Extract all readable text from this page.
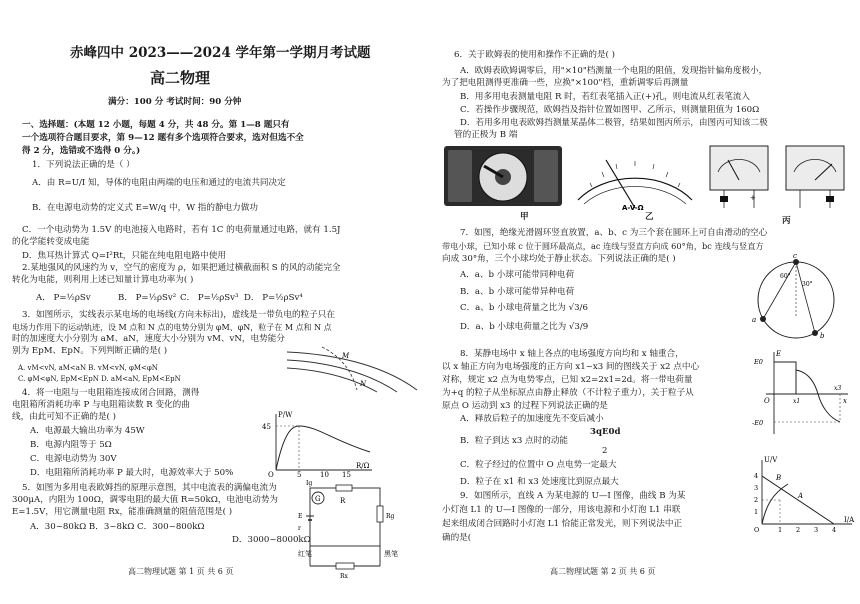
赤峰四中 2023——2024 学年第一学期月考试题
高二物理
满分：100 分 考试时间：90 分钟
一、选择题：(本题 12 小题，每题 4 分，共 48 分。第 1—8 题只有
一个选项符合题目要求，第 9—12 题有多个选项符合要求，选对但选不全
得 2 分，选错或不选得 0 分。)
1．下列说法正确的是（ ）
A．由 R=U/I 知，导体的电阻由两端的电压和通过的电流共同决定
B．在电源电动势的定义式 E=W/q 中，W 指的静电力做功
C．一个电动势为 1.5V 的电池接入电路时，若有 1C 的电荷量通过电路，就有 1.5J
的化学能转变成电能
D．焦耳热计算式 Q=I²Rt，只能在纯电阻电路中使用
2.某地强风的风速约为 v，空气的密度为 ρ，如果把通过横截面积 S 的风的动能完全
转化为电能，则利用上述已知量计算电功率为( )
A． P=½ρSv	B． P=½ρSv² C． P=½ρSv³ D． P=½ρSv⁴
3．如图所示，实线表示某电场的电场线(方向未标出)，虚线是一带负电的粒子只在
电场力作用下的运动轨迹，设 M 点和 N 点的电势分别为 φM、φN，粒子在 M 点和 N 点
时的加速度大小分别为 aM、aN，速度大小分别为 vM、vN，电势能分
别为 EpM、EpN。下列判断正确的是( )
A. vM<vN, aM<aN B. vM<vN, φM<φN
C. φM<φN, EpM<EpN D. aM<aN, EpM<EpN
M
N
4．将一电阻与一电阻箱连接成闭合回路，测得
电阻箱所消耗功率 P 与电阻箱读数 R 变化的曲
线，由此可知不正确的是( )
A．电源最大输出功率为 45W
B．电源内阻等于 5Ω
C．电源电动势为 30V
D．电阻箱所消耗功率 P 最大时，电源效率大于 50%
P/W
45
O	5	10 15
R/Ω
5．如图为多用电表欧姆挡的原理示意图，其中电流表的满偏电流为
300μA，内阻为 100Ω，调零电阻的最大值 R=50kΩ，电池电动势为
E=1.5V，用它测量电阻 Rx，能准确测量的阻值范围是( )
A．30~80kΩ B．3~8kΩ C．300~800kΩ
D．3000~8000kΩ
G
Ig
R
Rg
E
r
Rx
红笔	黑笔
高二物理试题 第 1 页 共 6 页
6．关于欧姆表的使用和操作不正确的是( )
A．欧姆表欧姆调零后，用"×10"档测量一个电阻的阻值，发现指针偏角度极小，
为了把电阻测得更准确一些，应换"×100"档，重新调零后再测量
B．用多用电表测量电阻 R 时，若红表笔插入正(+)孔，则电流从红表笔流入
C．若操作步骤规范，欧姆挡及指针位置如图甲、乙所示，则测量阻值为 160Ω
D．若用多用电表欧姆挡测量某晶体二极管，结果如图丙所示，由图丙可知该二极
管的正极为 B 端
甲
A-V-Ω
乙
+
丙
7．如图，绝缘光滑圆环竖直放置，a、b、c 为三个套在圆环上可自由滑动的空心
带电小球，已知小球 c 位于圆环最高点，ac 连线与竖直方向成 60°角，bc 连线与竖直方
向成 30°角，三个小球均处于静止状态。下列说法正确的是( )
A．a、b 小球可能带同种电荷
B．a、b 小球可能带异种电荷
C．a、b 小球电荷量之比为 √3/6
D．a、b 小球电荷量之比为 √3/9
c
a
b
60°
30°
8．某静电场中 x 轴上各点的电场强度方向均和 x 轴重合，
以 x 轴正方向为电场强度的正方向 x1~x3 间的图线关于 x2 点中心
对称，规定 x2 点为电势零点，已知 x2=2x1=2d。将一带电荷量
为+q 的粒子从坐标原点由静止释放（不计粒子重力），关于粒子从
原点 O 运动到 x3 的过程下列说法正确的是
A．释放后粒子的加速度先不变后减小
3qE0d
B．粒子到达 x3 点时的动能
2
C．粒子经过的位置中 O 点电势一定最大
D．粒子在 x1 和 x3 处速度比到原点最大
E
E0
-E0
O	x
x1
x3
9．如图所示，直线 A 为某电源的 U—I 图像，曲线 B 为某
小灯泡 L1 的 U—I 图像的一部分，用该电源和小灯泡 L1 串联
起来组成闭合回路时小灯泡 L1 恰能正常发光，则下列说法中正
确的是(
U/V
4
3
2
1
O	1 2 3 4
I/A
A
B
高二物理试题 第 2 页 共 6 页
